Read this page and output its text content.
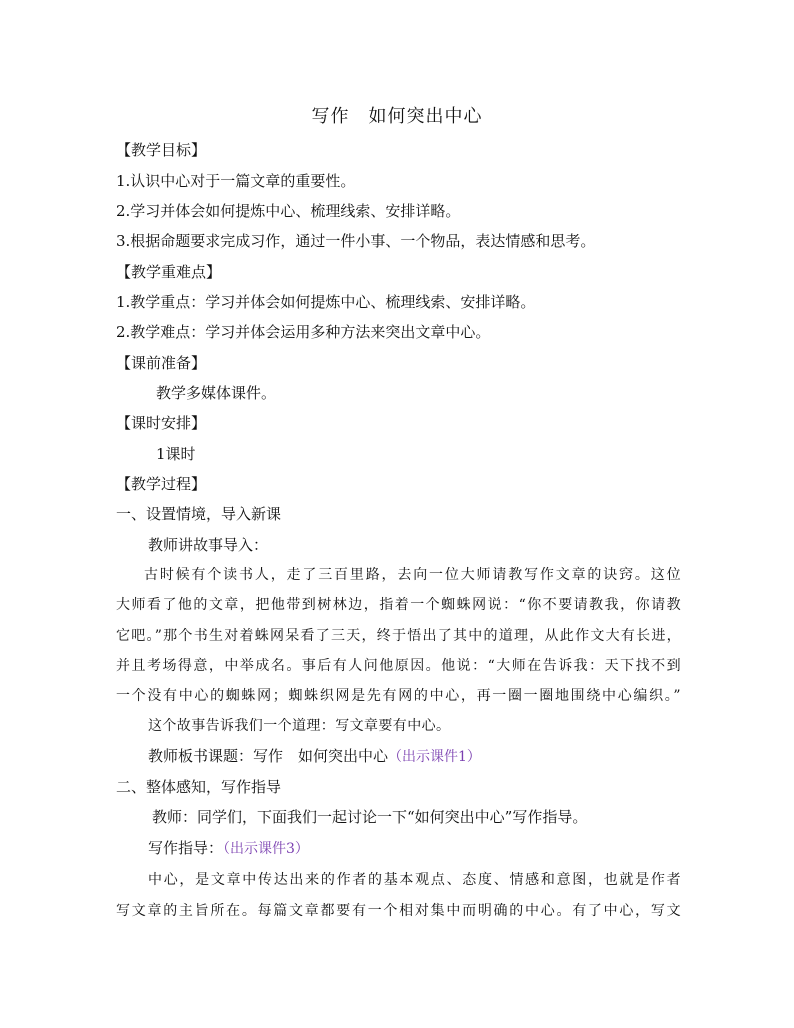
写作　如何突出中心
【教学目标】
1.认识中心对于一篇文章的重要性。
2.学习并体会如何提炼中心、梳理线索、安排详略。
3.根据命题要求完成习作，通过一件小事、一个物品，表达情感和思考。
【教学重难点】
1.教学重点：学习并体会如何提炼中心、梳理线索、安排详略。
2.教学难点：学习并体会运用多种方法来突出文章中心。
【课前准备】
教学多媒体课件。
【课时安排】
1课时
【教学过程】
一、设置情境，导入新课
教师讲故事导入：
古时候有个读书人，走了三百里路，去向一位大师请教写作文章的诀窍。这位
大师看了他的文章，把他带到树林边，指着一个蜘蛛网说：“你不要请教我，你请教
它吧。”那个书生对着蛛网呆看了三天，终于悟出了其中的道理，从此作文大有长进，
并且考场得意，中举成名。事后有人问他原因。他说：“大师在告诉我：天下找不到
一个没有中心的蜘蛛网；蜘蛛织网是先有网的中心，再一圈一圈地围绕中心编织。”
这个故事告诉我们一个道理：写文章要有中心。
教师板书课题：写作　如何突出中心（出示课件1）
二、整体感知，写作指导
教师：同学们，下面我们一起讨论一下“如何突出中心”写作指导。
写作指导：（出示课件3）
中心，是文章中传达出来的作者的基本观点、态度、情感和意图，也就是作者
写文章的主旨所在。每篇文章都要有一个相对集中而明确的中心。有了中心，写文
